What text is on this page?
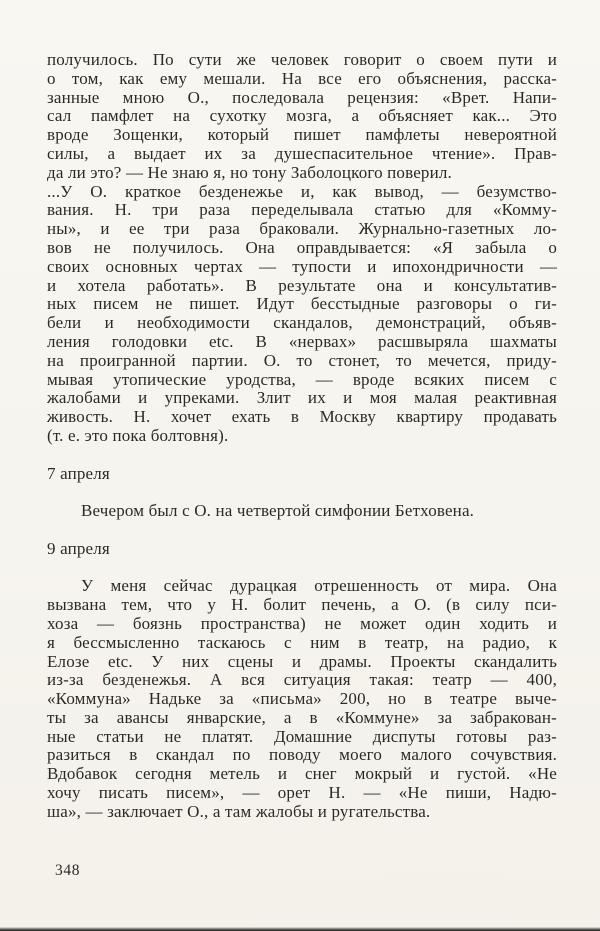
получилось. По сути же человек говорит о своем пути и
о том, как ему мешали. На все его объяснения, расска-
занные мною О., последовала рецензия: «Врет. Напи-
сал памфлет на сухотку мозга, а объясняет как... Это
вроде Зощенки, который пишет памфлеты невероятной
силы, а выдает их за душеспасительное чтение». Прав-
да ли это? — Не знаю я, но тону Заболоцкого поверил.
...У О. краткое безденежье и, как вывод, — безумство-
вания. Н. три раза переделывала статью для «Комму-
ны», и ее три раза браковали. Журнально-газетных ло-
вов не получилось. Она оправдывается: «Я забыла о
своих основных чертах — тупости и ипохондричности —
и хотела работать». В результате она и консультатив-
ных писем не пишет. Идут бесстыдные разговоры о ги-
бели и необходимости скандалов, демонстраций, объяв-
ления голодовки etc. В «нервах» расшвыряла шахматы
на проигранной партии. О. то стонет, то мечется, приду-
мывая утопические уродства, — вроде всяких писем с
жалобами и упреками. Злит их и моя малая реактивная
живость. Н. хочет ехать в Москву квартиру продавать
(т. е. это пока болтовня).
7 апреля
Вечером был с О. на четвертой симфонии Бетховена.
9 апреля
У меня сейчас дурацкая отрешенность от мира. Она
вызвана тем, что у Н. болит печень, а О. (в силу пси-
хоза — боязнь пространства) не может один ходить и
я бессмысленно таскаюсь с ним в театр, на радио, к
Елозе etc. У них сцены и драмы. Проекты скандалить
из-за безденежья. А вся ситуация такая: театр — 400,
«Коммуна» Надьке за «письма» 200, но в театре выче-
ты за авансы январские, а в «Коммуне» за забракован-
ные статьи не платят. Домашние диспуты готовы раз-
разиться в скандал по поводу моего малого сочувствия.
Вдобавок сегодня метель и снег мокрый и густой. «Не
хочу писать писем», — орет Н. — «Не пиши, Надю-
ша», — заключает О., а там жалобы и ругательства.
348
